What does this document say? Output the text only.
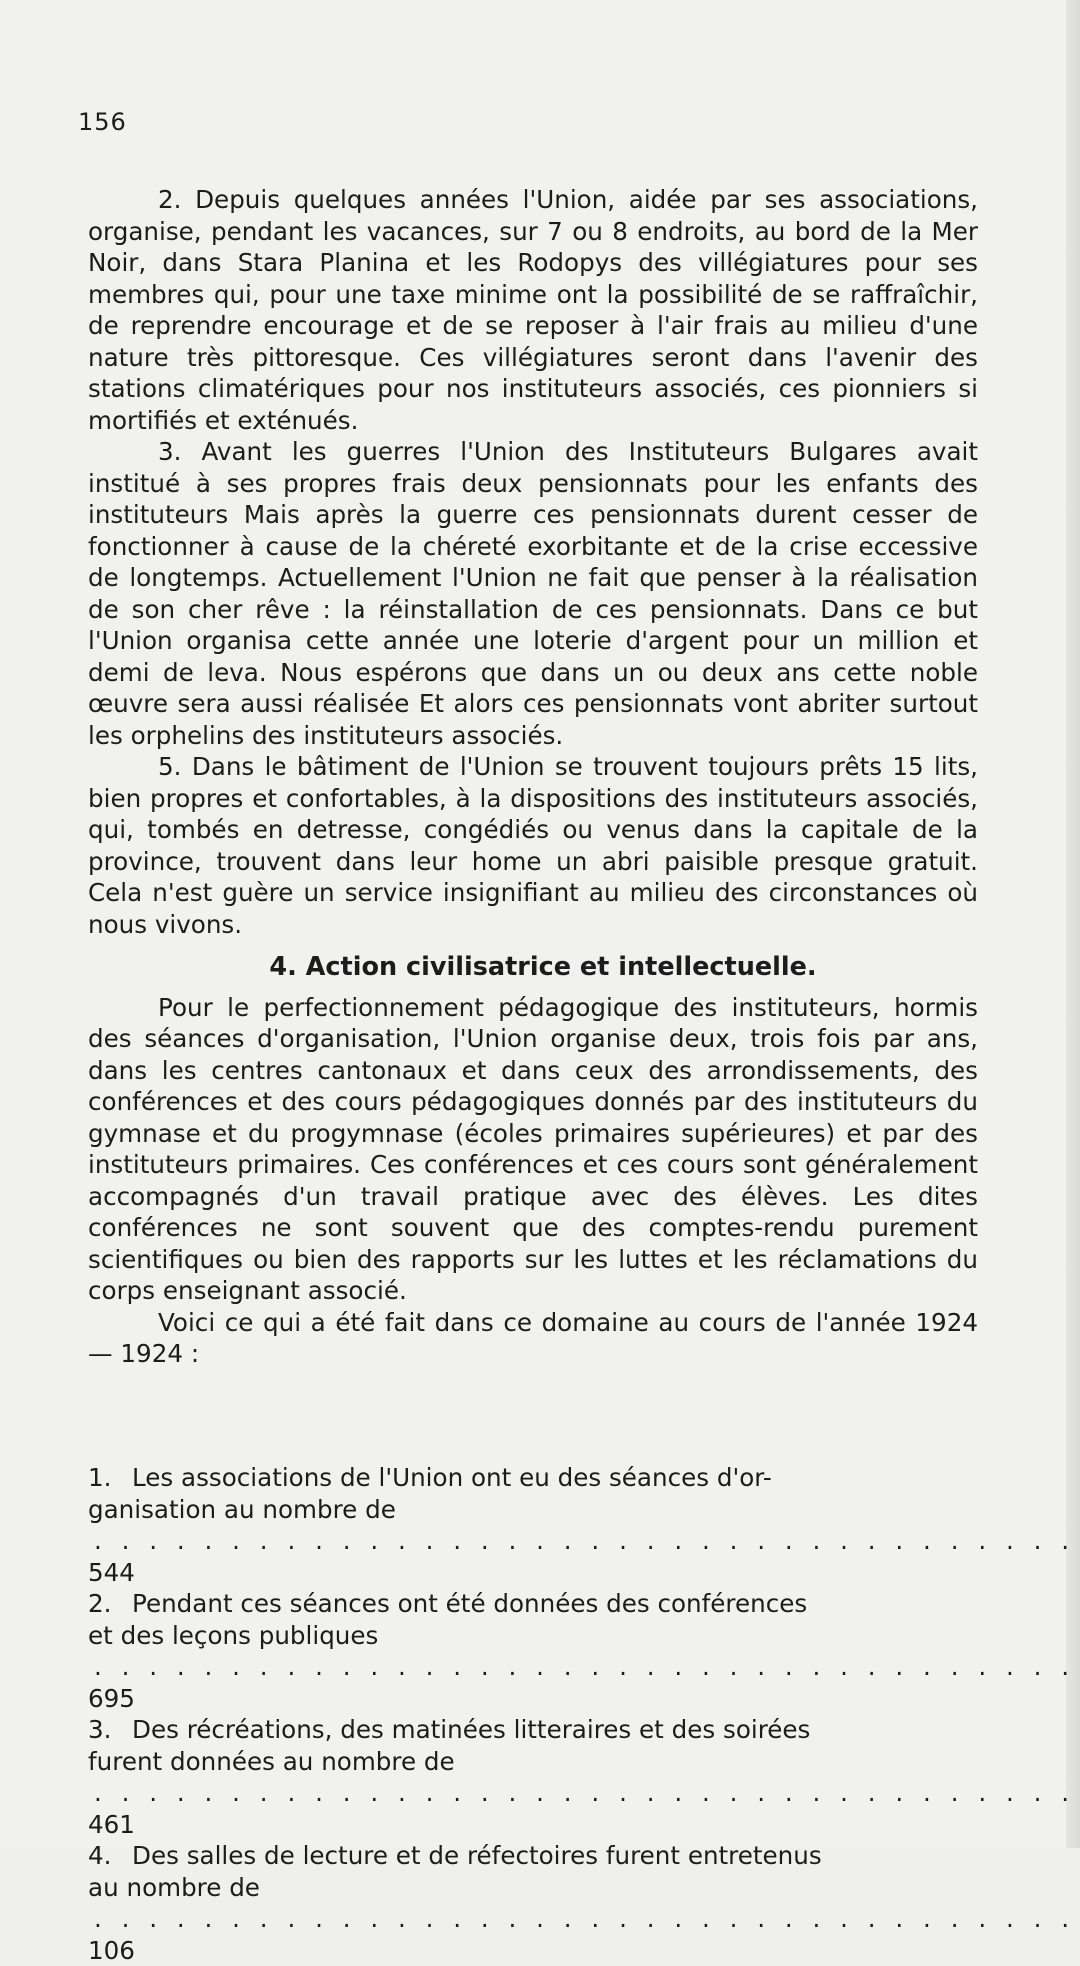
156

2. Depuis quelques années l'Union, aidée par ses associations, organise, pendant les vacances, sur 7 ou 8 endroits, au bord de la Mer Noir, dans Stara Planina et les Rodopys des villégiatures pour ses membres qui, pour une taxe minime ont la possibilité de se raffraîchir, de reprendre encourage et de se reposer à l'air frais au milieu d'une nature très pittoresque. Ces villégiatures seront dans l'avenir des stations climatériques pour nos instituteurs associés, ces pionniers si mortifiés et exténués.

3. Avant les guerres l'Union des Instituteurs Bulgares avait institué à ses propres frais deux pensionnats pour les enfants des instituteurs Mais après la guerre ces pensionnats durent cesser de fonctionner à cause de la chéreté exorbitante et de la crise eccessive de longtemps. Actuellement l'Union ne fait que penser à la réalisation de son cher rêve : la réinstallation de ces pensionnats. Dans ce but l'Union organisa cette année une loterie d'argent pour un million et demi de leva. Nous espérons que dans un ou deux ans cette noble œuvre sera aussi réalisée Et alors ces pensionnats vont abriter surtout les orphelins des instituteurs associés.

5. Dans le bâtiment de l'Union se trouvent toujours prêts 15 lits, bien propres et confortables, à la dispositions des instituteurs associés, qui, tombés en detresse, congédiés ou venus dans la capitale de la province, trouvent dans leur home un abri paisible presque gratuit. Cela n'est guère un service insignifiant au milieu des circonstances où nous vivons.

4. Action civilisatrice et intellectuelle.

Pour le perfectionnement pédagogique des instituteurs, hormis des séances d'organisation, l'Union organise deux, trois fois par ans, dans les centres cantonaux et dans ceux des arrondissements, des conférences et des cours pédagogiques donnés par des instituteurs du gymnase et du progymnase (écoles primaires supérieures) et par des instituteurs primaires. Ces conférences et ces cours sont généralement accompagnés d'un travail pratique avec des élèves. Les dites conférences ne sont souvent que des comptes-rendu purement scientifiques ou bien des rapports sur les luttes et les réclamations du corps enseignant associé.

Voici ce qui a été fait dans ce domaine au cours de l'année 1924 — 1924 :

1. Les associations de l'Union ont eu des séances d'or-
ganisation au nombre de . . . 544
2. Pendant ces séances ont été données des conférences
et des leçons publiques . . . 695
3. Des récréations, des matinées litteraires et des soirées
furent données au nombre de . . . 461
4. Des salles de lecture et de réfectoires furent entretenus
au nombre de . . . 106
